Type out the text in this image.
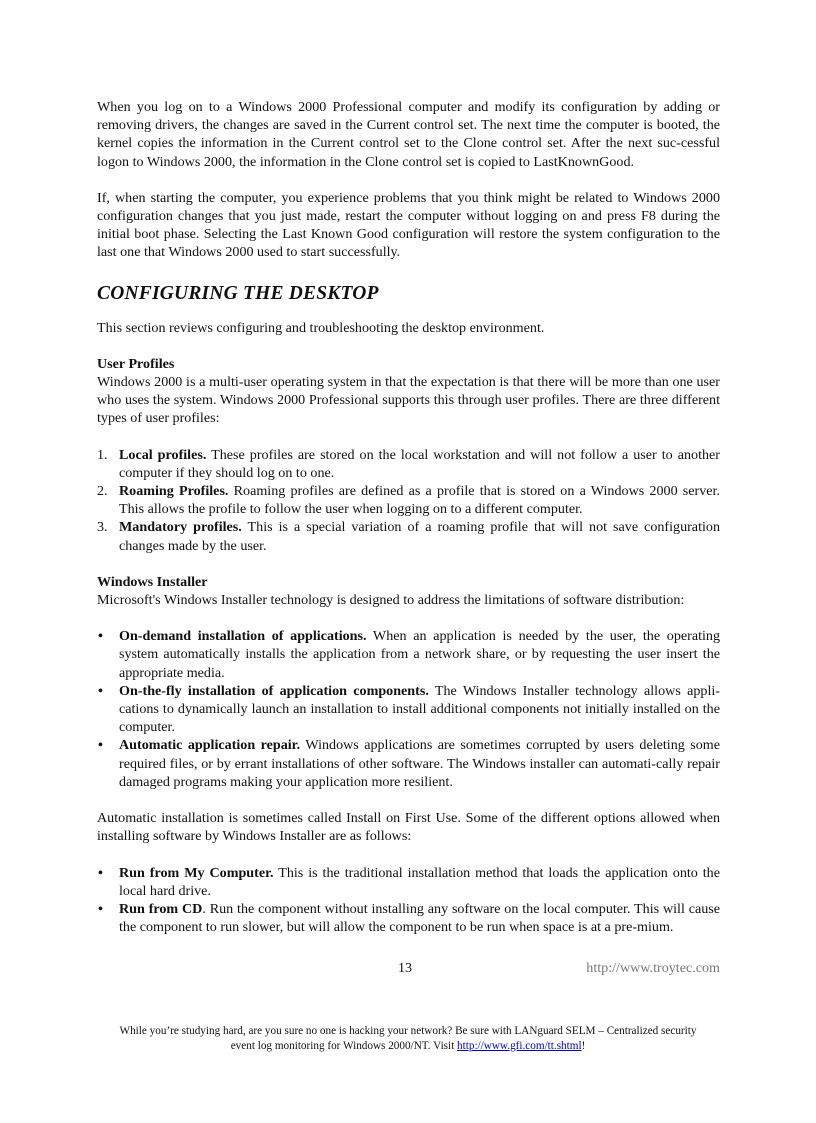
When you log on to a Windows 2000 Professional computer and modify its configuration by adding or removing drivers, the changes are saved in the Current control set. The next time the computer is booted, the kernel copies the information in the Current control set to the Clone control set. After the next suc-cessful logon to Windows 2000, the information in the Clone control set is copied to LastKnownGood.

If, when starting the computer, you experience problems that you think might be related to Windows 2000 configuration changes that you just made, restart the computer without logging on and press F8 during the initial boot phase. Selecting the Last Known Good configuration will restore the system configuration to the last one that Windows 2000 used to start successfully.

CONFIGURING THE DESKTOP

This section reviews configuring and troubleshooting the desktop environment.

User Profiles

Windows 2000 is a multi-user operating system in that the expectation is that there will be more than one user who uses the system. Windows 2000 Professional supports this through user profiles. There are three different types of user profiles:

1. Local profiles. These profiles are stored on the local workstation and will not follow a user to another computer if they should log on to one.
2. Roaming Profiles. Roaming profiles are defined as a profile that is stored on a Windows 2000 server. This allows the profile to follow the user when logging on to a different computer.
3. Mandatory profiles. This is a special variation of a roaming profile that will not save configuration changes made by the user.
Windows Installer

Microsoft's Windows Installer technology is designed to address the limitations of software distribution:

• On-demand installation of applications. When an application is needed by the user, the operating system automatically installs the application from a network share, or by requesting the user insert the appropriate media.
• On-the-fly installation of application components. The Windows Installer technology allows appli-cations to dynamically launch an installation to install additional components not initially installed on the computer.
• Automatic application repair. Windows applications are sometimes corrupted by users deleting some required files, or by errant installations of other software. The Windows installer can automati-cally repair damaged programs making your application more resilient.

Automatic installation is sometimes called Install on First Use. Some of the different options allowed when installing software by Windows Installer are as follows:

• Run from My Computer. This is the traditional installation method that loads the application onto the local hard drive.
• Run from CD. Run the component without installing any software on the local computer. This will cause the component to run slower, but will allow the component to be run when space is at a pre-mium.
13	http://www.troytec.com
While you’re studying hard, are you sure no one is hacking your network? Be sure with LANguard SELM – Centralized security
event log monitoring for Windows 2000/NT. Visit http://www.gfi.com/tt.shtml!
